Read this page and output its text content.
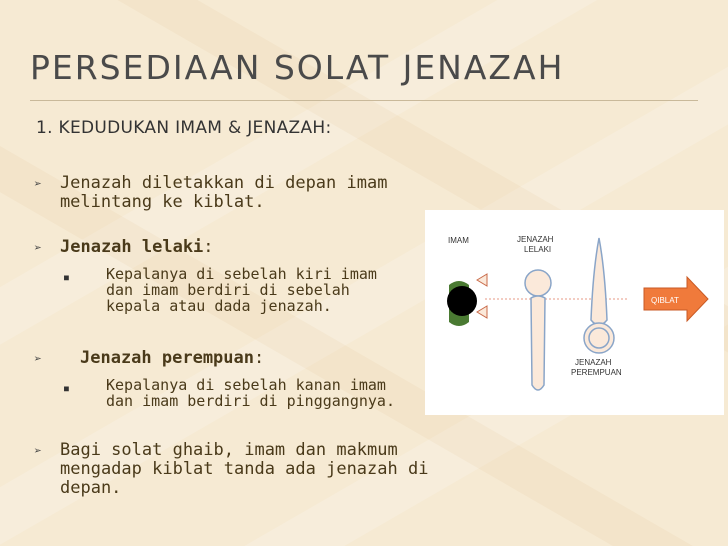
PERSEDIAAN SOLAT JENAZAH
1. KEDUDUKAN IMAM & JENAZAH:
➢	Jenazah diletakkan di depan imam melintang ke kiblat.
➢	Jenazah lelaki:
■	Kepalanya di sebelah kiri imam dan imam berdiri di sebelah kepala atau dada jenazah.
➢	Jenazah perempuan:
■	Kepalanya di sebelah kanan imam dan imam berdiri di pinggangnya.
➢	Bagi solat ghaib, imam dan makmum mengadap kiblat tanda ada jenazah di depan.
IMAM	JENAZAH
LELAKI
JENAZAH
PEREMPUAN
QIBLAT
